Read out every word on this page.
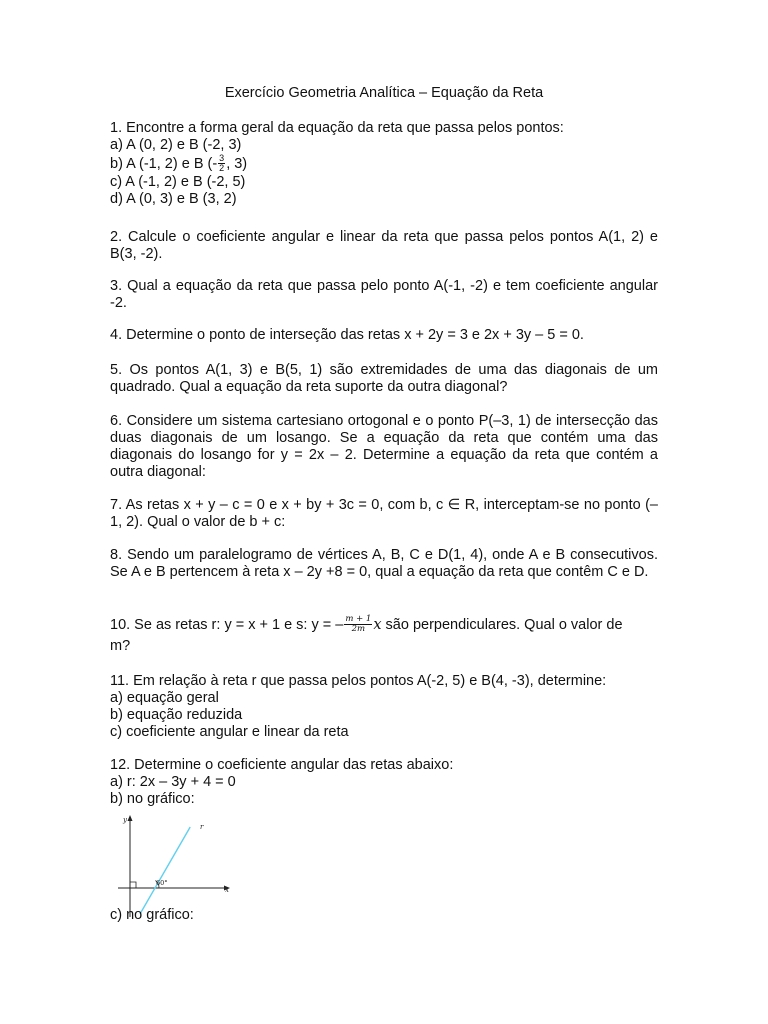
Exercício Geometria Analítica – Equação da Reta
1. Encontre a forma geral da equação da reta que passa pelos pontos:
a) A (0, 2) e B (-2, 3)
b) A (-1, 2) e B (- $\frac{3}{2}$ , 3)
c) A (-1, 2) e B (-2, 5)
d) A (0, 3) e B (3, 2)
2. Calcule o coeficiente angular e linear da reta que passa pelos pontos A(1, 2) e B(3, -2).
3. Qual a equação da reta que passa pelo ponto A(-1, -2) e tem coeficiente angular -2.
4. Determine o ponto de interseção das retas x + 2y = 3 e 2x + 3y – 5 = 0.
5. Os pontos A(1, 3) e B(5, 1) são extremidades de uma das diagonais de um quadrado. Qual a equação da reta suporte da outra diagonal?
6. Considere um sistema cartesiano ortogonal e o ponto P(–3, 1) de intersecção das duas diagonais de um losango. Se a equação da reta que contém uma das diagonais do losango for y = 2x – 2. Determine a equação da reta que contém a outra diagonal:
7. As retas x + y – c = 0 e x + by + 3c = 0, com b, c ∈ R, interceptam-se no ponto (–1, 2). Qual o valor de b + c:
8. Sendo um paralelogramo de vértices A, B, C e D(1, 4), onde A e B consecutivos. Se A e B pertencem à reta x – 2y +8 = 0, qual a equação da reta que contêm C e D.
10. Se as retas r: y = x + 1 e s: y = – $\frac{m + 1}{2m}$ x são perpendiculares. Qual o valor de
m?
11. Em relação à reta r que passa pelos pontos A(-2, 5) e B(4, -3), determine:
a) equação geral
b) equação reduzida
c) coeficiente angular e linear da reta
12. Determine o coeficiente angular das retas abaixo:
a) r: 2x – 3y + 4 = 0
b) no gráfico:
y
x
r
60°
c) no gráfico:
